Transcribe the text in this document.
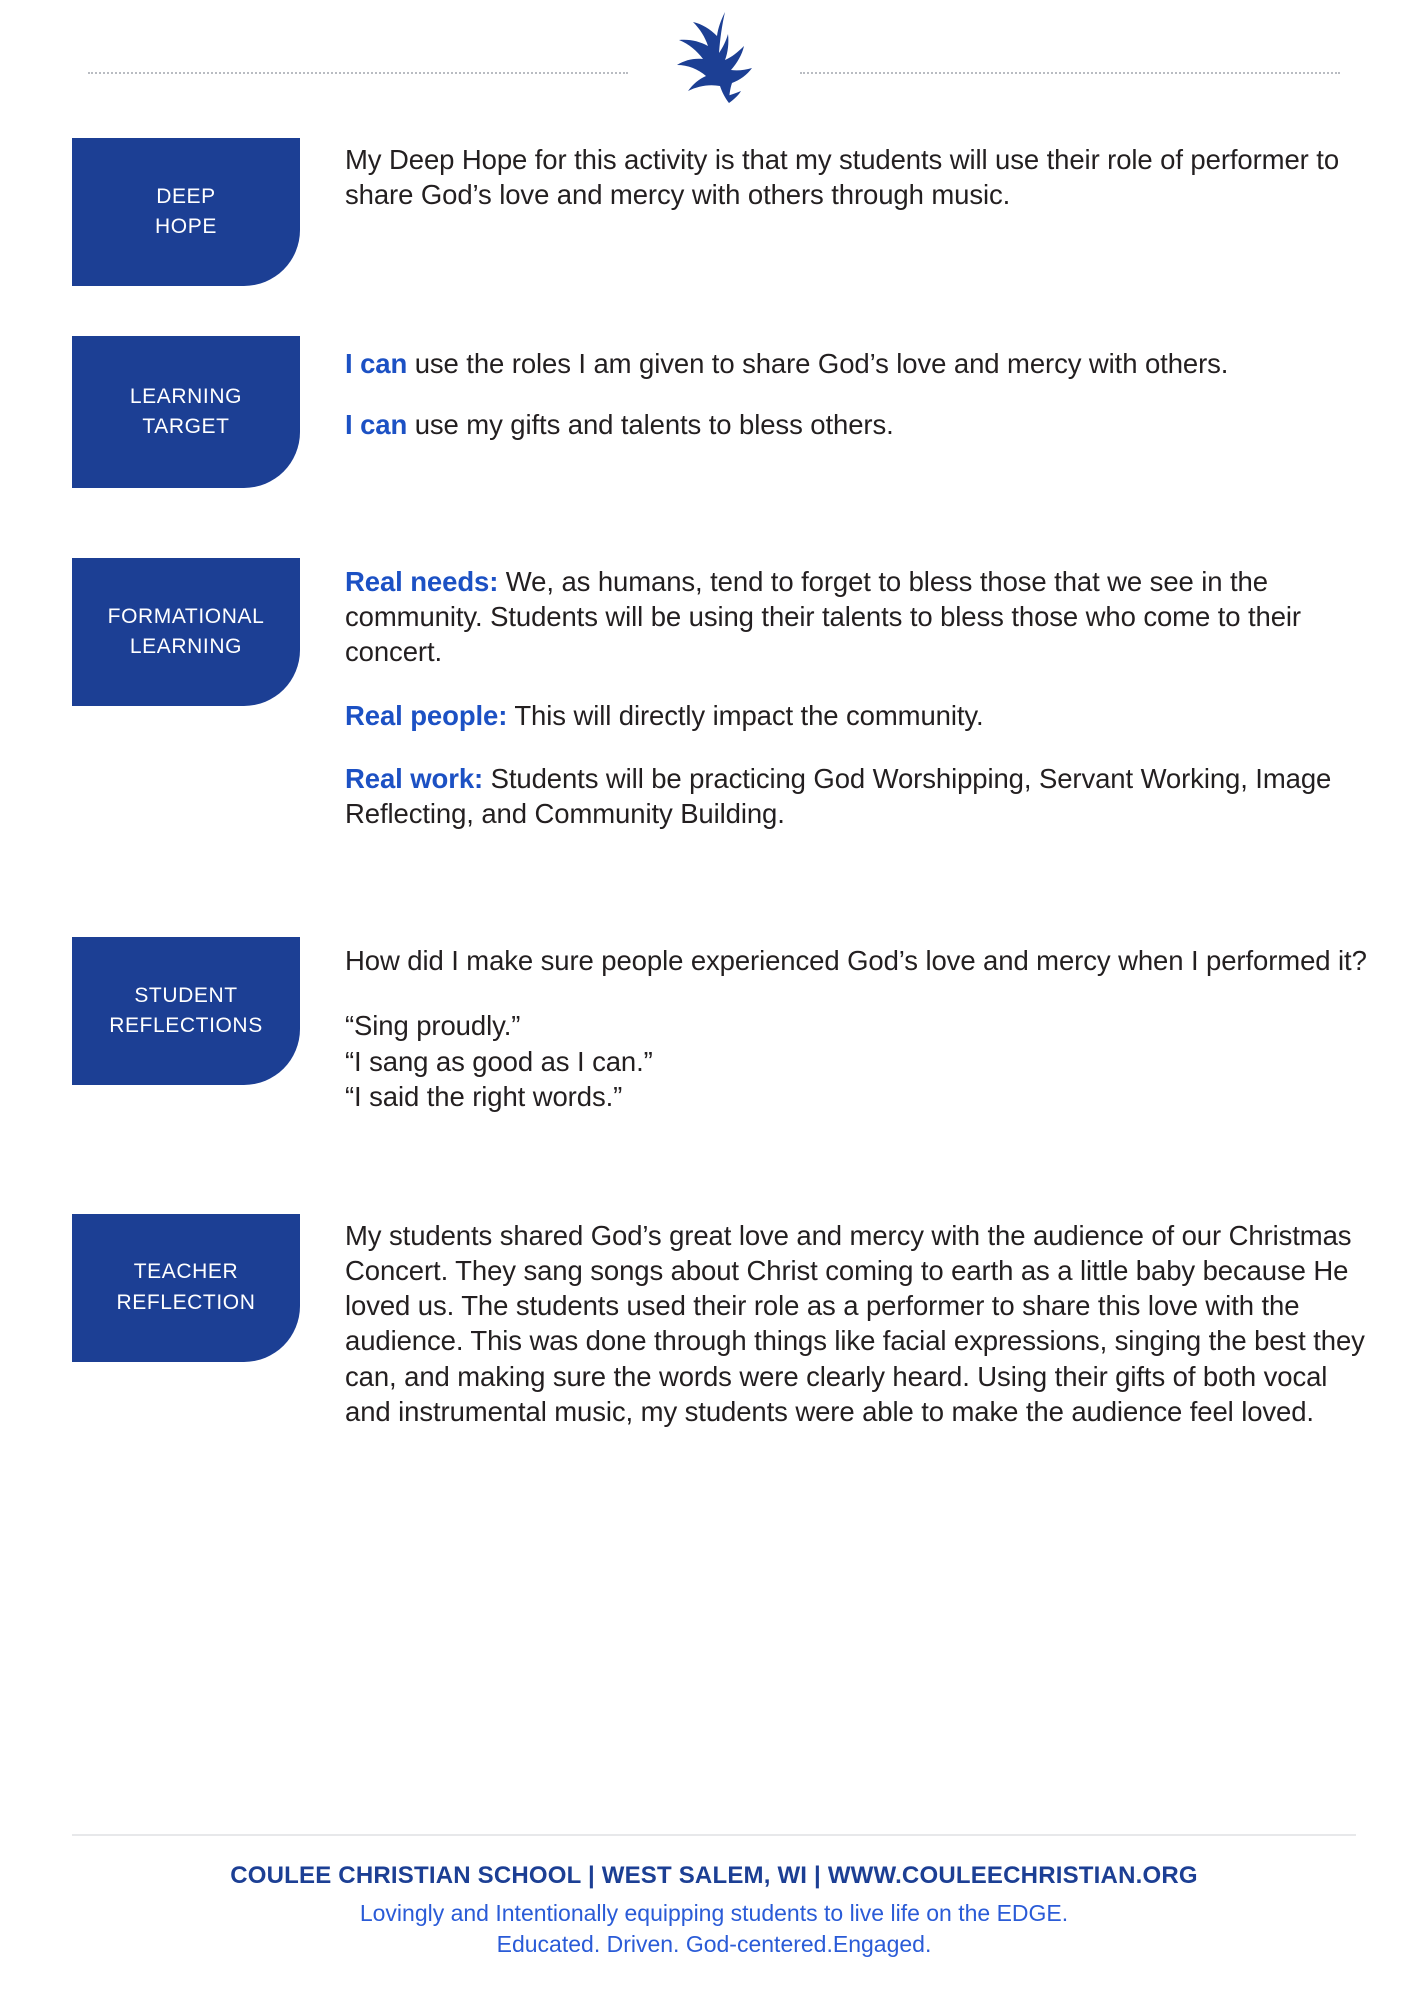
DEEP
HOPE

My Deep Hope for this activity is that my students will use their role of performer to share God’s love and mercy with others through music.

LEARNING
TARGET

I can use the roles I am given to share God’s love and mercy with others.

I can use my gifts and talents to bless others.

FORMATIONAL
LEARNING

Real needs: We, as humans, tend to forget to bless those that we see in the community. Students will be using their talents to bless those who come to their concert.

Real people: This will directly impact the community.

Real work: Students will be practicing God Worshipping, Servant Working, Image Reflecting, and Community Building.

STUDENT
REFLECTIONS

How did I make sure people experienced God’s love and mercy when I performed it?

“Sing proudly.”
“I sang as good as I can.”
“I said the right words.”

TEACHER
REFLECTION

My students shared God’s great love and mercy with the audience of our Christmas Concert. They sang songs about Christ coming to earth as a little baby because He loved us. The students used their role as a performer to share this love with the audience. This was done through things like facial expressions, singing the best they can, and making sure the words were clearly heard. Using their gifts of both vocal and instrumental music, my students were able to make the audience feel loved.

COULEE CHRISTIAN SCHOOL | WEST SALEM, WI | WWW.COULEECHRISTIAN.ORG
Lovingly and Intentionally equipping students to live life on the EDGE.
Educated. Driven. God-centered.Engaged.
